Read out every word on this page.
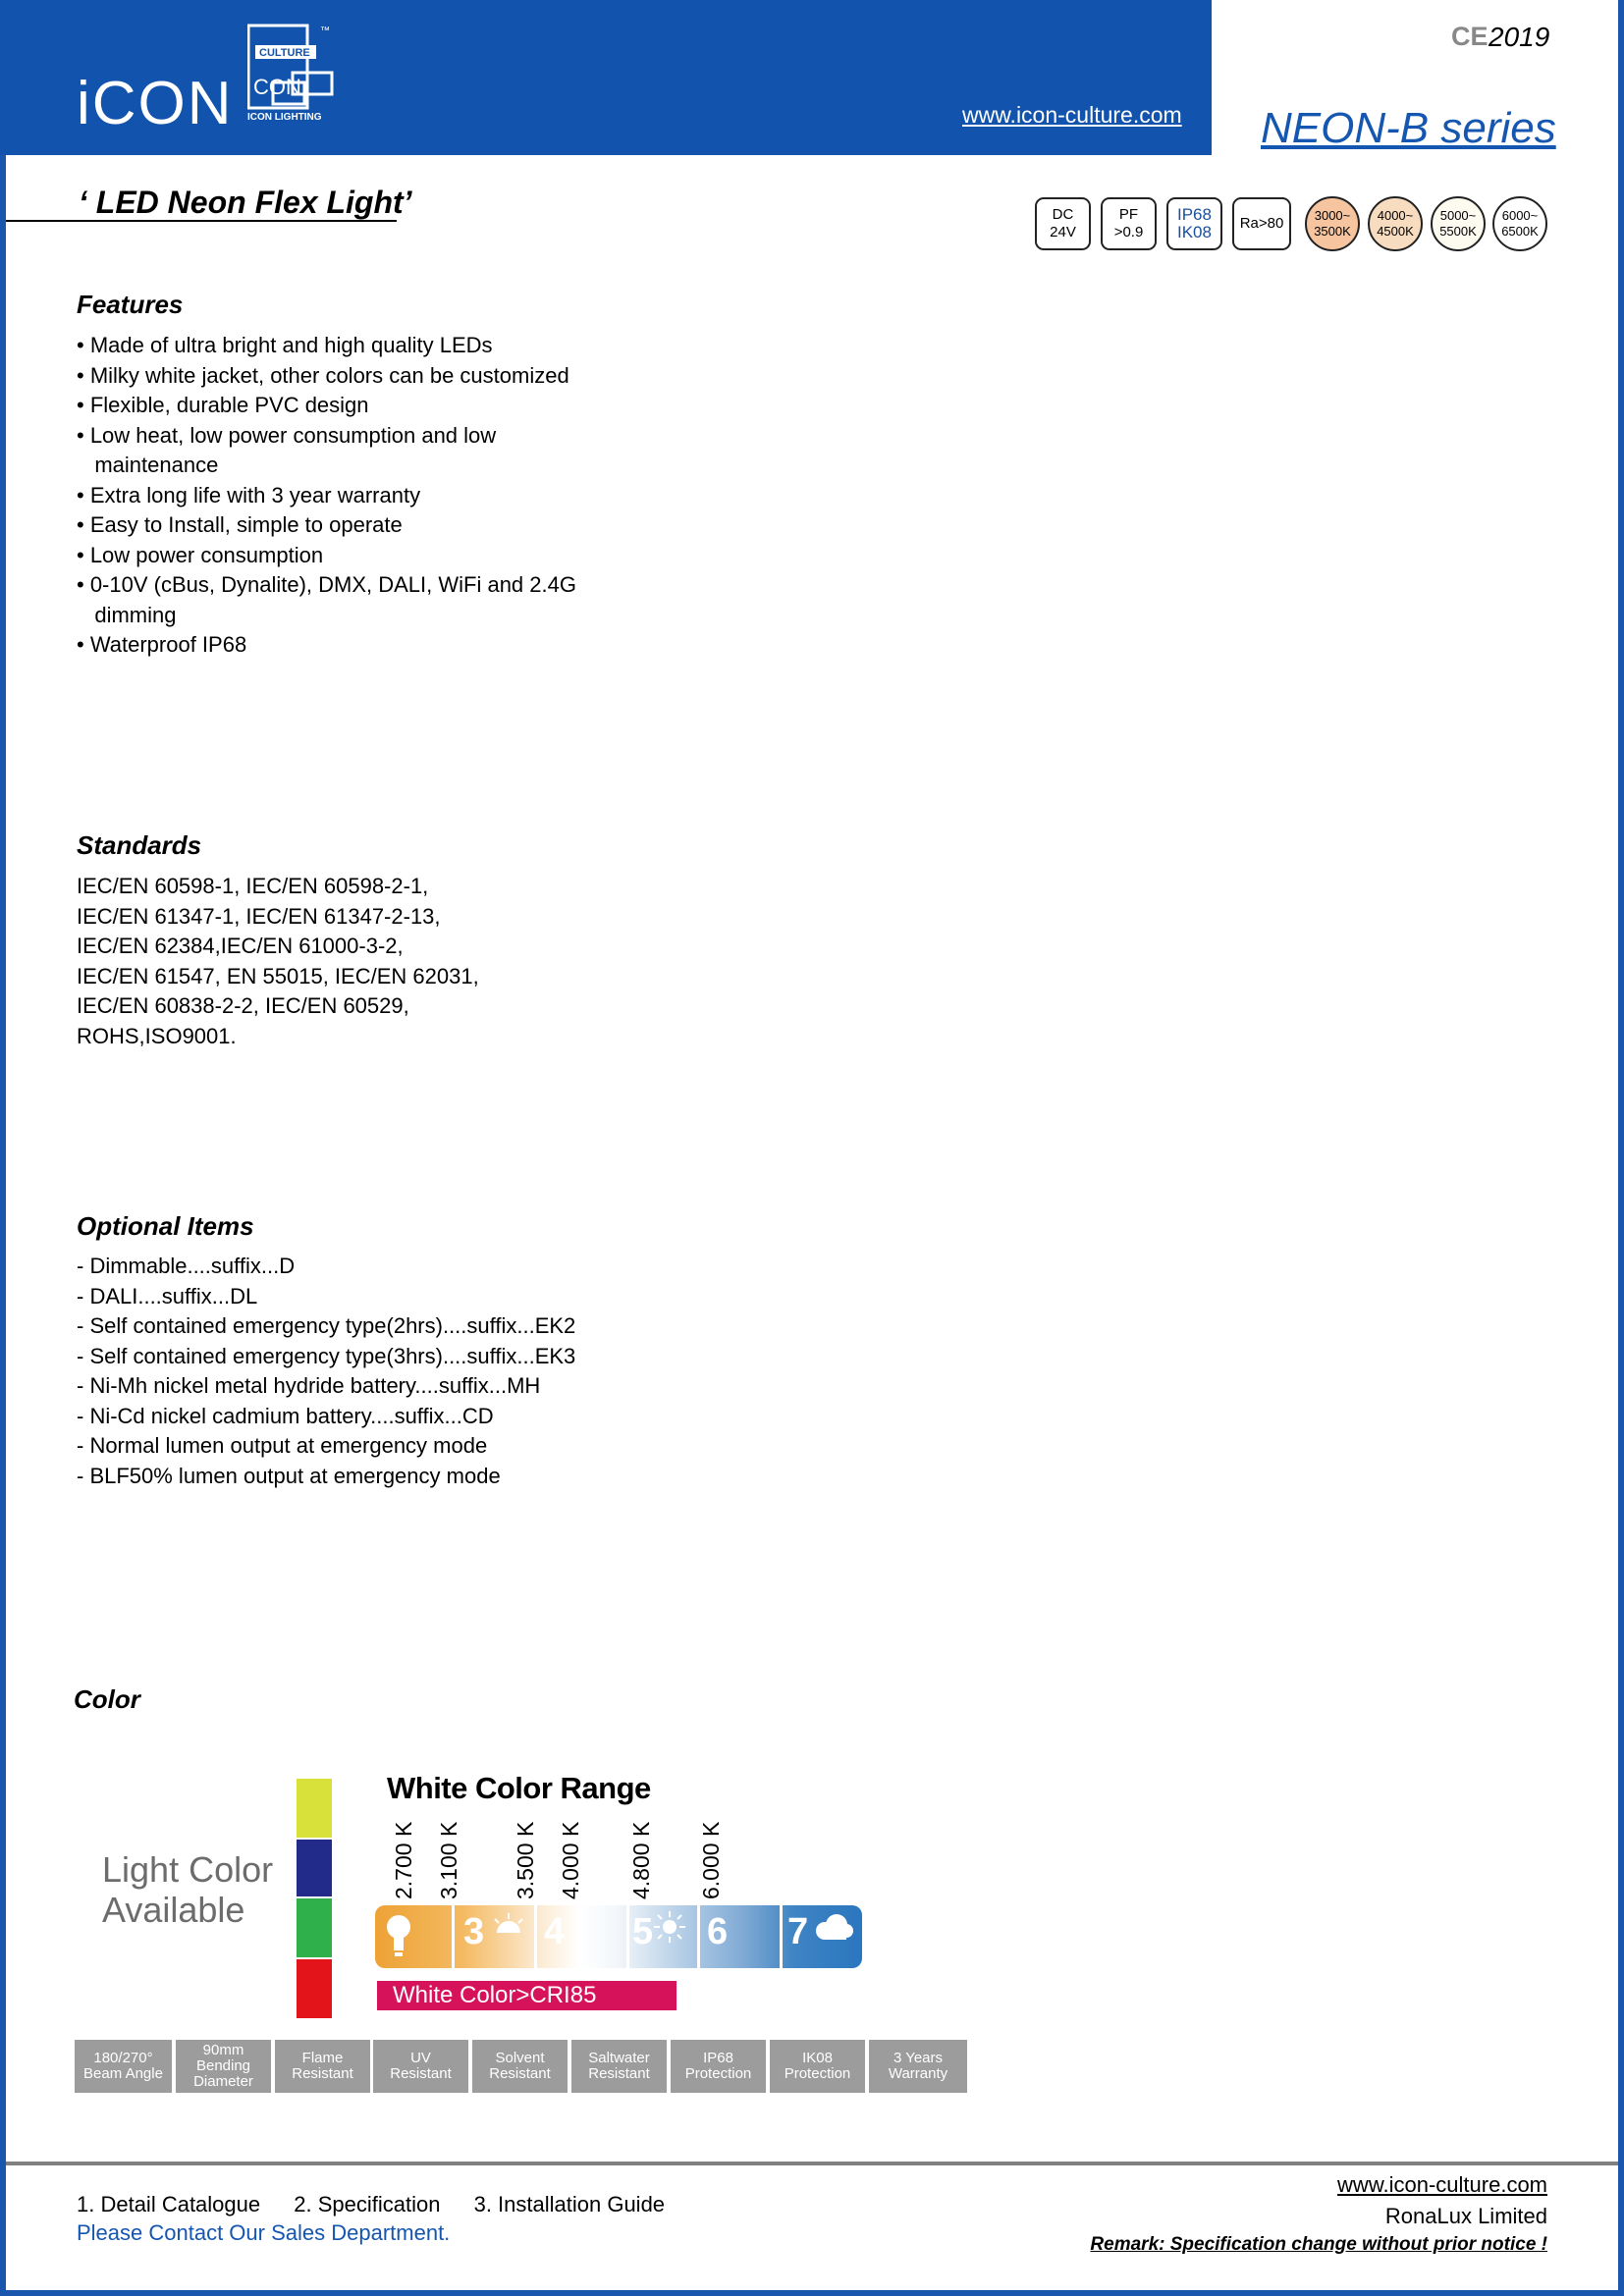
iCON
CULTURE
CON
ICON LIGHTING
™
www.icon-culture.com
CE 2019
NEON-B series
‘ LED Neon Flex Light’	DC
24V
PF
>0.9
IP68
IK08	Ra>80	3000~
3500K
4000~
4500K
5000~
5500K
6000~
6500K
Features
• Made of ultra bright and high quality LEDs
• Milky white jacket, other colors can be customized
• Flexible, durable PVC design
• Low heat, low power consumption and low
maintenance
• Extra long life with 3 year warranty
• Easy to Install, simple to operate
• Low power consumption
• 0-10V (cBus, Dynalite), DMX, DALI, WiFi and 2.4G
dimming
• Waterproof IP68
Standards
IEC/EN 60598-1, IEC/EN 60598-2-1,
IEC/EN 61347-1, IEC/EN 61347-2-13,
IEC/EN 62384,IEC/EN 61000-3-2,
IEC/EN 61547, EN 55015, IEC/EN 62031,
IEC/EN 60838-2-2, IEC/EN 60529,
ROHS,ISO9001.
Optional Items
- Dimmable....suffix...D
- DALI....suffix...DL
- Self contained emergency type(2hrs)....suffix...EK2
- Self contained emergency type(3hrs)....suffix...EK3
- Ni-Mh nickel metal hydride battery....suffix...MH
- Ni-Cd nickel cadmium battery....suffix...CD
- Normal lumen output at emergency mode
- BLF50% lumen output at emergency mode
Color
Light Color
Available
White Color Range
2.700 K 3.100 K 3.500 K 4.000 K 4.800 K 6.000 K
3 4 5 6 7
White Color>CRI85
180/270°
Beam Angle
90mm
Bending
Diameter
Flame
Resistant
UV
Resistant
Solvent
Resistant
Saltwater
Resistant
IP68
Protection
IK08
Protection
3 Years
Warranty
1. Detail Catalogue 2. Specification 3. Installation Guide
Please Contact Our Sales Department.
www.icon-culture.com
RonaLux Limited
Remark: Specification change without prior notice !
